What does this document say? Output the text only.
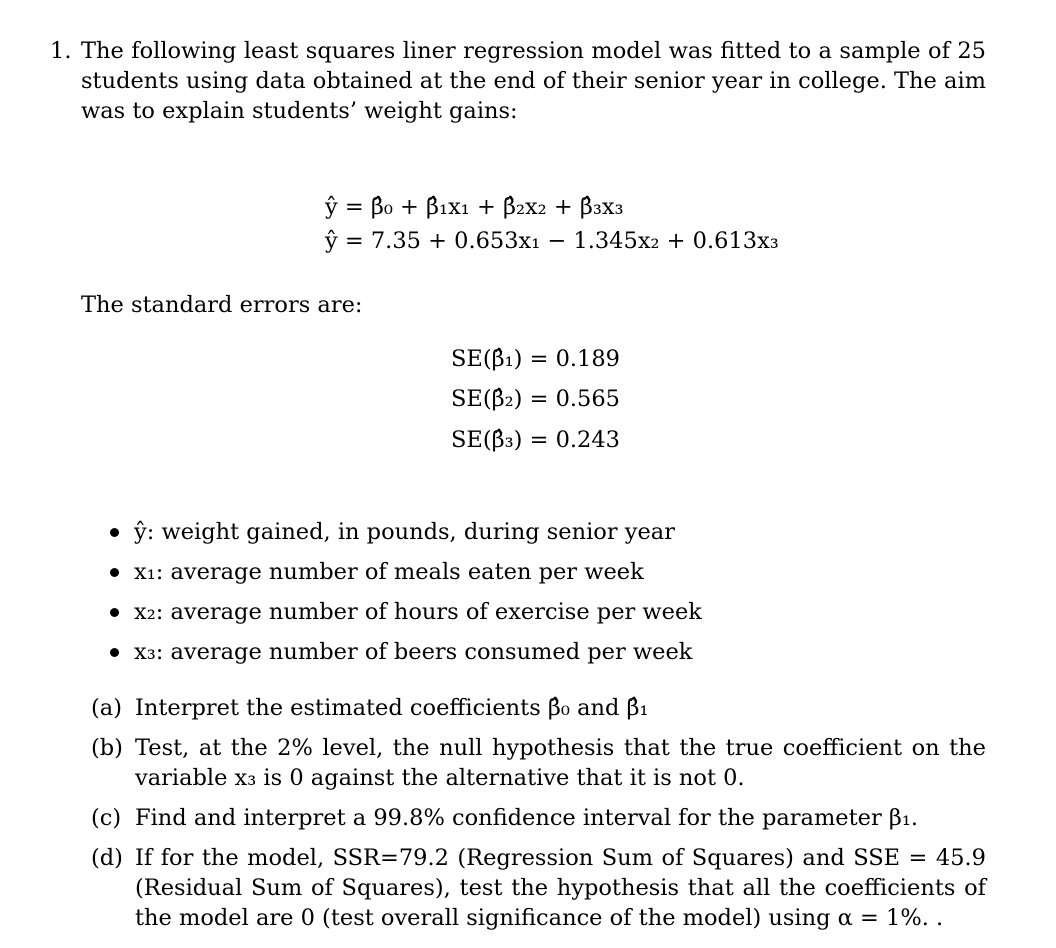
1. The following least squares liner regression model was fitted to a sample of 25 students using data obtained at the end of their senior year in college. The aim was to explain students’ weight gains:
ŷ = β̂₀ + β̂₁x₁ + β̂₂x₂ + β̂₃x₃
ŷ = 7.35 + 0.653x₁ − 1.345x₂ + 0.613x₃
The standard errors are:
SE(β̂₁) = 0.189
SE(β̂₂) = 0.565
SE(β̂₃) = 0.243
ŷ: weight gained, in pounds, during senior year
x₁: average number of meals eaten per week
x₂: average number of hours of exercise per week
x₃: average number of beers consumed per week
(a) Interpret the estimated coefficients β̂₀ and β̂₁
(b) Test, at the 2% level, the null hypothesis that the true coefficient on the variable x₃ is 0 against the alternative that it is not 0.
(c) Find and interpret a 99.8% confidence interval for the parameter β₁.
(d) If for the model, SSR=79.2 (Regression Sum of Squares) and SSE = 45.9 (Residual Sum of Squares), test the hypothesis that all the coefficients of the model are 0 (test overall significance of the model) using α = 1%. .
